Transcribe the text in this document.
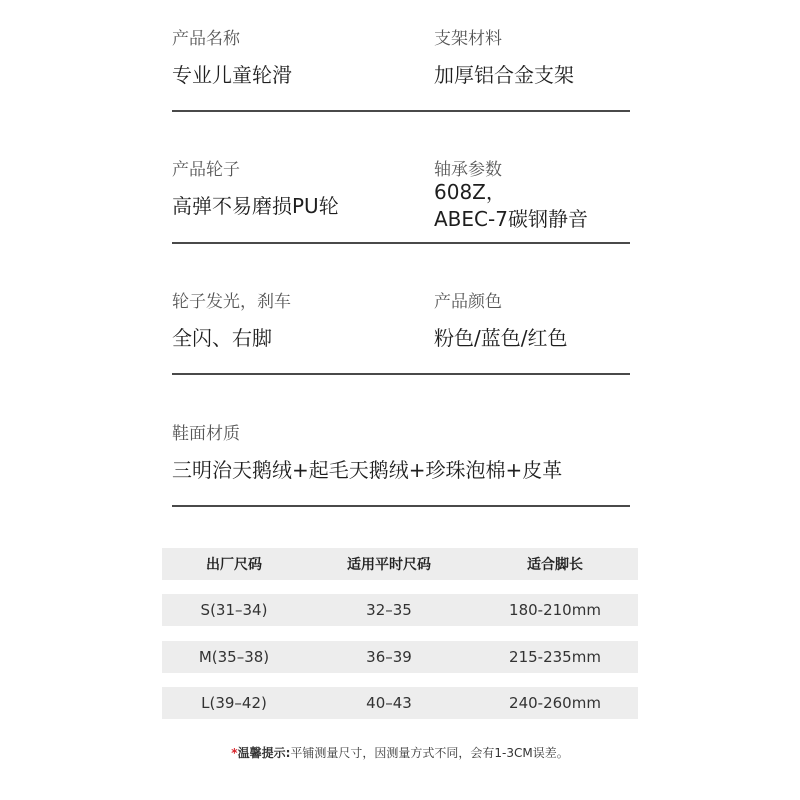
产品名称
专业儿童轮滑
支架材料
加厚铝合金支架
产品轮子
高弹不易磨损PU轮
轴承参数
608Z，
ABEC-7碳钢静音
轮子发光，刹车
全闪、右脚
产品颜色
粉色/蓝色/红色
鞋面材质
三明治天鹅绒+起毛天鹅绒+珍珠泡棉+皮革
出厂尺码	适用平时尺码	适合脚长
S(31–34)	32–35	180-210mm
M(35–38)	36–39	215-235mm
L(39–42)	40–43	240-260mm
*温馨提示:平铺测量尺寸，因测量方式不同，会有1-3CM误差。
